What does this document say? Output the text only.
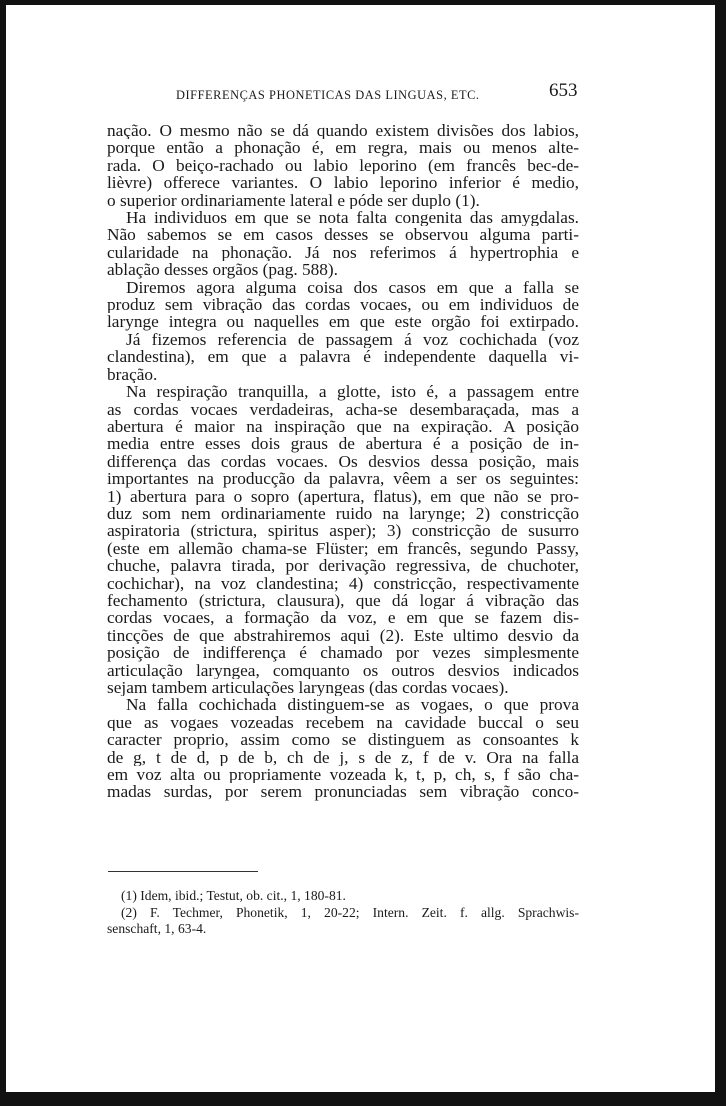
DIFFERENÇAS PHONETICAS DAS LINGUAS, ETC.	653
nação. O mesmo não se dá quando existem divisões dos labios,
porque então a phonação é, em regra, mais ou menos alte-
rada. O beiço-rachado ou labio leporino (em francês bec-de-
lièvre) offerece variantes. O labio leporino inferior é medio,
o superior ordinariamente lateral e póde ser duplo (1).
Ha individuos em que se nota falta congenita das amygdalas.
Não sabemos se em casos desses se observou alguma parti-
cularidade na phonação. Já nos referimos á hypertrophia e
ablação desses orgãos (pag. 588).
Diremos agora alguma coisa dos casos em que a falla se
produz sem vibração das cordas vocaes, ou em individuos de
larynge integra ou naquelles em que este orgão foi extirpado.
Já fizemos referencia de passagem á voz cochichada (voz
clandestina), em que a palavra é independente daquella vi-
bração.
Na respiração tranquilla, a glotte, isto é, a passagem entre
as cordas vocaes verdadeiras, acha-se desembaraçada, mas a
abertura é maior na inspiração que na expiração. A posição
media entre esses dois graus de abertura é a posição de in-
differença das cordas vocaes. Os desvios dessa posição, mais
importantes na producção da palavra, vêem a ser os seguintes:
1) abertura para o sopro (apertura, flatus), em que não se pro-
duz som nem ordinariamente ruido na larynge; 2) constricção
aspiratoria (strictura, spiritus asper); 3) constricção de susurro
(este em allemão chama-se Flüster; em francês, segundo Passy,
chuche, palavra tirada, por derivação regressiva, de chuchoter,
cochichar), na voz clandestina; 4) constricção, respectivamente
fechamento (strictura, clausura), que dá logar á vibração das
cordas vocaes, a formação da voz, e em que se fazem dis-
tincções de que abstrahiremos aqui (2). Este ultimo desvio da
posição de indifferença é chamado por vezes simplesmente
articulação laryngea, comquanto os outros desvios indicados
sejam tambem articulações laryngeas (das cordas vocaes).
Na falla cochichada distinguem-se as vogaes, o que prova
que as vogaes vozeadas recebem na cavidade buccal o seu
caracter proprio, assim como se distinguem as consoantes k
de g, t de d, p de b, ch de j, s de z, f de v. Ora na falla
em voz alta ou propriamente vozeada k, t, p, ch, s, f são cha-
madas surdas, por serem pronunciadas sem vibração conco-
(1) Idem, ibid.; Testut, ob. cit., 1, 180-81.
(2) F. Techmer, Phonetik, 1, 20-22; Intern. Zeit. f. allg. Sprachwis-
senschaft, 1, 63-4.
